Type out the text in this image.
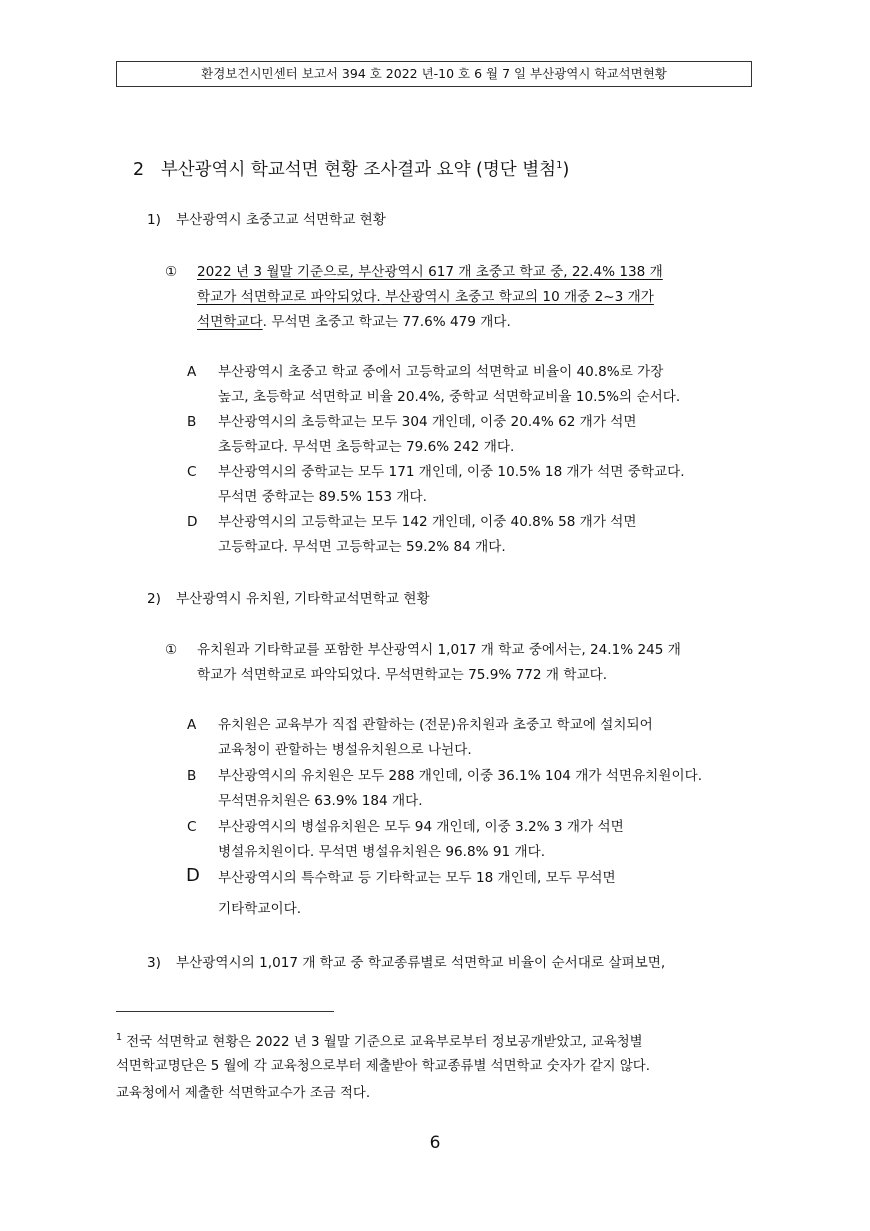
환경보건시민센터 보고서 394 호 2022 년-10 호 6 월 7 일 부산광역시 학교석면현황
2 부산광역시 학교석면 현황 조사결과 요약 (명단 별첨$^1$)
1) 부산광역시 초중고교 석면학교 현황
① 2022 년 3 월말 기준으로, 부산광역시 617 개 초중고 학교 중, 22.4% 138 개
학교가 석면학교로 파악되었다. 부산광역시 초중고 학교의 10 개중 2~3 개가
석면학교다. 무석면 초중고 학교는 77.6% 479 개다.
A 부산광역시 초중고 학교 중에서 고등학교의 석면학교 비율이 40.8%로 가장
높고, 초등학교 석면학교 비율 20.4%, 중학교 석면학교비율 10.5%의 순서다.
B 부산광역시의 초등학교는 모두 304 개인데, 이중 20.4% 62 개가 석면
초등학교다. 무석면 초등학교는 79.6% 242 개다.
C 부산광역시의 중학교는 모두 171 개인데, 이중 10.5% 18 개가 석면 중학교다.
무석면 중학교는 89.5% 153 개다.
D 부산광역시의 고등학교는 모두 142 개인데, 이중 40.8% 58 개가 석면
고등학교다. 무석면 고등학교는 59.2% 84 개다.
2) 부산광역시 유치원, 기타학교석면학교 현황
① 유치원과 기타학교를 포함한 부산광역시 1,017 개 학교 중에서는, 24.1% 245 개
학교가 석면학교로 파악되었다. 무석면학교는 75.9% 772 개 학교다.
A 유치원은 교육부가 직접 관할하는 (전문)유치원과 초중고 학교에 설치되어
교육청이 관할하는 병설유치원으로 나뉜다.
B 부산광역시의 유치원은 모두 288 개인데, 이중 36.1% 104 개가 석면유치원이다.
무석면유치원은 63.9% 184 개다.
C 부산광역시의 병설유치원은 모두 94 개인데, 이중 3.2% 3 개가 석면
병설유치원이다. 무석면 병설유치원은 96.8% 91 개다.
D 부산광역시의 특수학교 등 기타학교는 모두 18 개인데, 모두 무석면
기타학교이다.
3) 부산광역시의 1,017 개 학교 중 학교종류별로 석면학교 비율이 순서대로 살펴보면,
$^1$ 전국 석면학교 현황은 2022 년 3 월말 기준으로 교육부로부터 정보공개받았고, 교육청별
석면학교명단은 5 월에 각 교육청으로부터 제출받아 학교종류별 석면학교 숫자가 같지 않다.
교육청에서 제출한 석면학교수가 조금 적다.
6
